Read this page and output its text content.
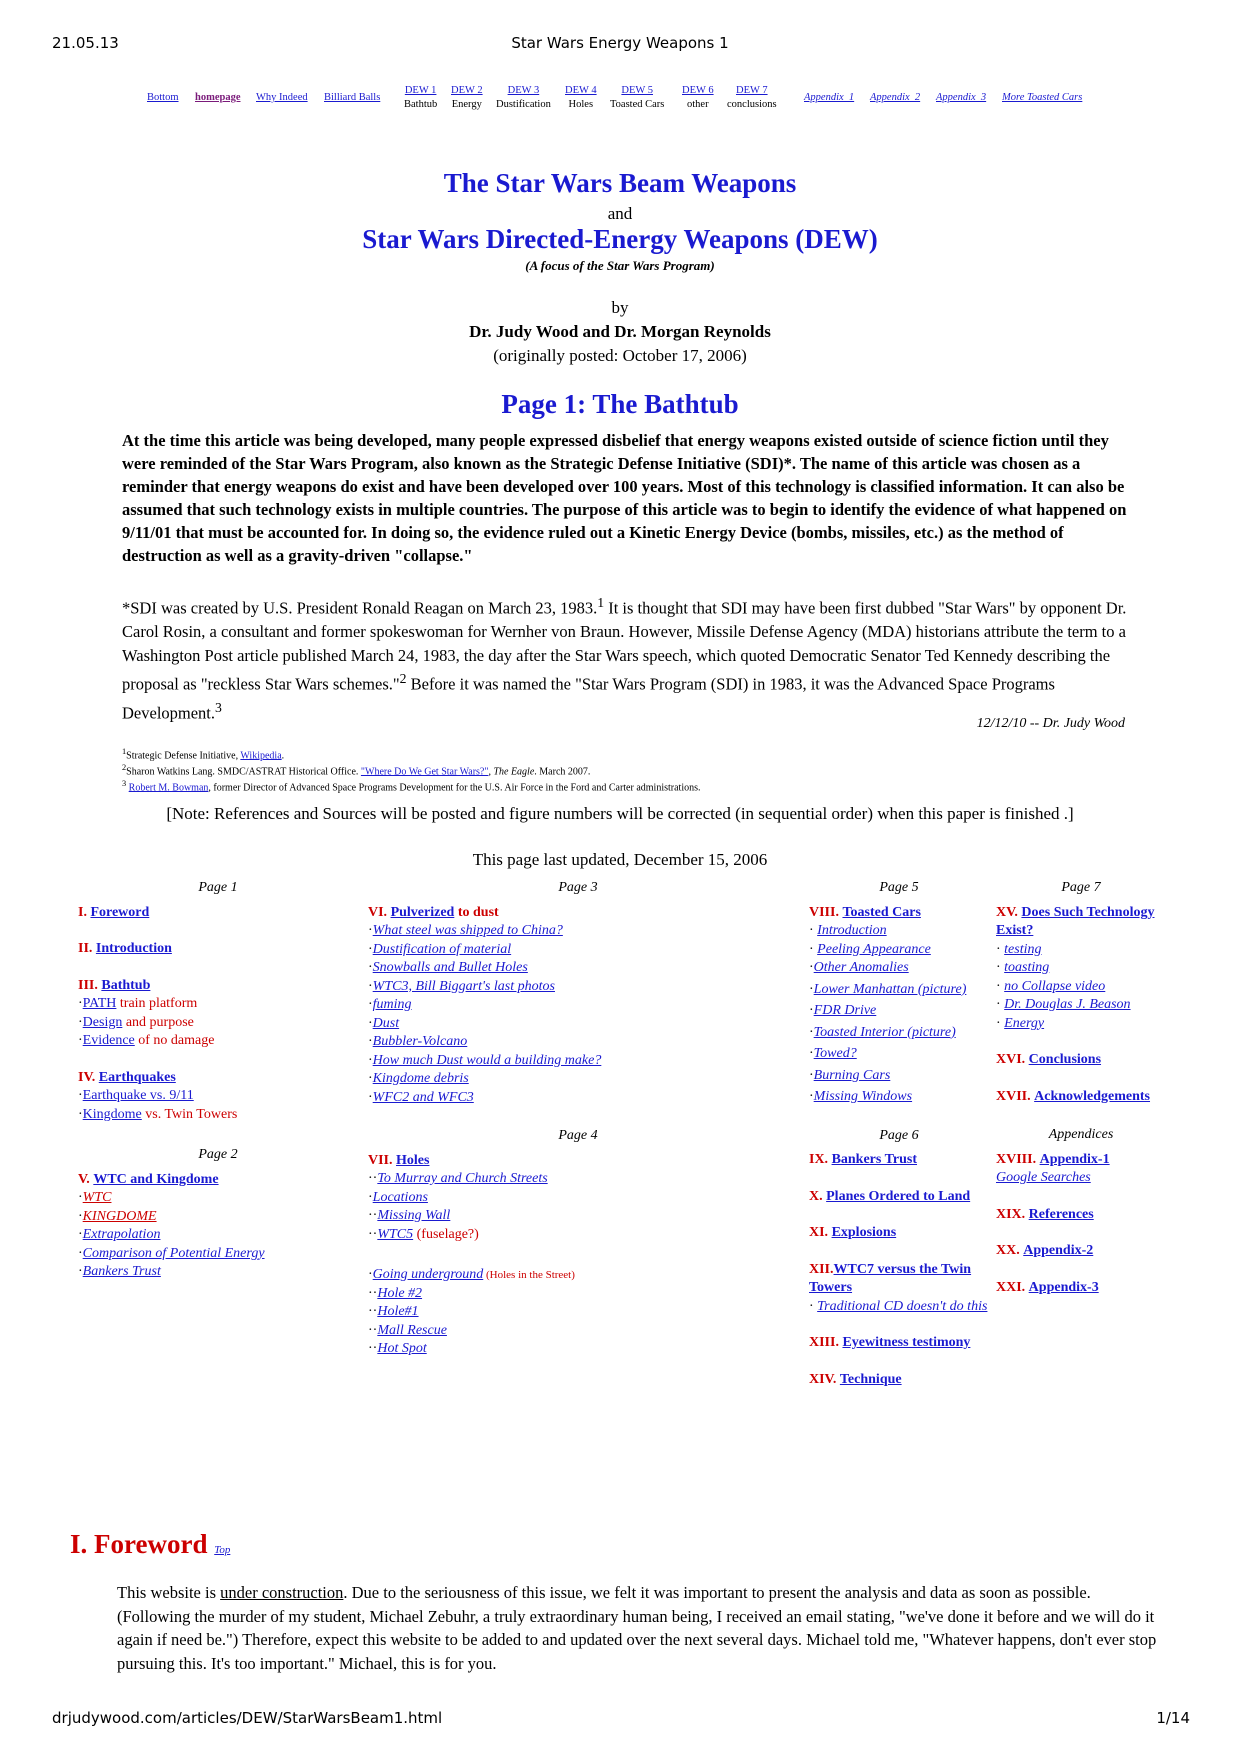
21.05.13	Star Wars Energy Weapons 1
Bottom homepage Why Indeed Billiard Balls
DEW 1
Bathtub
DEW 2
Energy
DEW 3
Dustification
DEW 4
Holes
DEW 5
Toasted Cars
DEW 6
other
DEW 7
conclusions
Appendix_1 Appendix_2 Appendix_3 More Toasted Cars
The Star Wars Beam Weapons
and
Star Wars Directed-Energy Weapons (DEW)
(A focus of the Star Wars Program)
by
Dr. Judy Wood and Dr. Morgan Reynolds
(originally posted: October 17, 2006)
Page 1: The Bathtub
At the time this article was being developed, many people expressed disbelief that energy weapons existed outside of science fiction until they were reminded of the Star Wars Program, also known as the Strategic Defense Initiative (SDI)*. The name of this article was chosen as a reminder that energy weapons do exist and have been developed over 100 years. Most of this technology is classified information. It can also be assumed that such technology exists in multiple countries. The purpose of this article was to begin to identify the evidence of what happened on 9/11/01 that must be accounted for. In doing so, the evidence ruled out a Kinetic Energy Device (bombs, missiles, etc.) as the method of destruction as well as a gravity-driven "collapse."
*SDI was created by U.S. President Ronald Reagan on March 23, 1983.$^1$ It is thought that SDI may have been first dubbed "Star Wars" by opponent Dr. Carol Rosin, a consultant and former spokeswoman for Wernher von Braun. However, Missile Defense Agency (MDA) historians attribute the term to a Washington Post article published March 24, 1983, the day after the Star Wars speech, which quoted Democratic Senator Ted Kennedy describing the proposal as "reckless Star Wars schemes."$^2$ Before it was named the "Star Wars Program (SDI) in 1983, it was the Advanced Space Programs Development.$^3$
12/12/10 -- Dr. Judy Wood
$^1$Strategic Defense Initiative, Wikipedia.
$^2$Sharon Watkins Lang. SMDC/ASTRAT Historical Office. "Where Do We Get Star Wars?", The Eagle. March 2007.
$^3$ Robert M. Bowman, former Director of Advanced Space Programs Development for the U.S. Air Force in the Ford and Carter administrations.
[Note: References and Sources will be posted and figure numbers will be corrected (in sequential order) when this paper is finished .]
This page last updated, December 15, 2006
Page 1
I. Foreword
II. Introduction
III. Bathtub
·PATH train platform
·Design and purpose
·Evidence of no damage
IV. Earthquakes
·Earthquake vs. 9/11
·Kingdome vs. Twin Towers
Page 2
V. WTC and Kingdome
·WTC
·KINGDOME
·Extrapolation
·Comparison of Potential Energy
·Bankers Trust
Page 3
VI. Pulverized to dust
·What steel was shipped to China?
·Dustification of material
·Snowballs and Bullet Holes
·WTC3, Bill Biggart's last photos
·fuming
·Dust
·Bubbler-Volcano
·How much Dust would a building make?
·Kingdome debris
·WFC2 and WFC3
Page 4
VII. Holes
··To Murray and Church Streets
·Locations
··Missing Wall
··WTC5 (fuselage?)
·Going underground (Holes in the Street)
··Hole #2
··Hole#1
··Mall Rescue
··Hot Spot
Page 5
VIII. Toasted Cars
· Introduction
· Peeling Appearance
·Other Anomalies
·Lower Manhattan (picture)
·FDR Drive
·Toasted Interior (picture)
·Towed?
·Burning Cars
·Missing Windows
Page 6
IX. Bankers Trust
X. Planes Ordered to Land
XI. Explosions
XII.WTC7 versus the Twin Towers
· Traditional CD doesn't do this
XIII. Eyewitness testimony
XIV. Technique
Page 7
XV. Does Such Technology Exist?
· testing
· toasting
· no Collapse video
· Dr. Douglas J. Beason
· Energy
XVI. Conclusions
XVII. Acknowledgements
Appendices
XVIII. Appendix-1
Google Searches
XIX. References
XX. Appendix-2
XXI. Appendix-3
I. Foreword Top
This website is under construction. Due to the seriousness of this issue, we felt it was important to present the analysis and data as soon as possible. (Following the murder of my student, Michael Zebuhr, a truly extraordinary human being, I received an email stating, "we've done it before and we will do it again if need be.") Therefore, expect this website to be added to and updated over the next several days. Michael told me, "Whatever happens, don't ever stop pursuing this. It's too important." Michael, this is for you.
drjudywood.com/articles/DEW/StarWarsBeam1.html	1/14
